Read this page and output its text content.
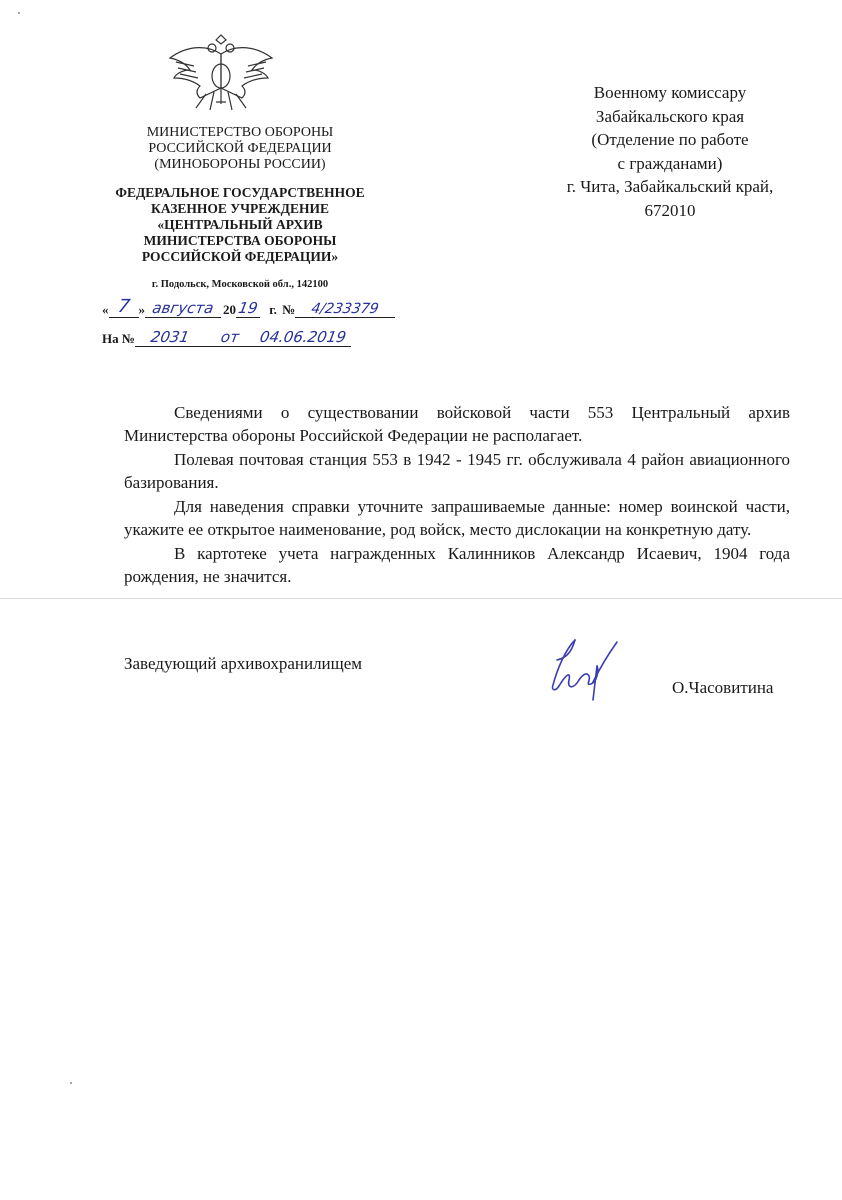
МИНИСТЕРСТВО ОБОРОНЫ
РОССИЙСКОЙ ФЕДЕРАЦИИ
(МИНОБОРОНЫ РОССИИ)
ФЕДЕРАЛЬНОЕ ГОСУДАРСТВЕННОЕ
КАЗЕННОЕ УЧРЕЖДЕНИЕ
«ЦЕНТРАЛЬНЫЙ АРХИВ
МИНИСТЕРСТВА ОБОРОНЫ
РОССИЙСКОЙ ФЕДЕРАЦИИ»
г. Подольск, Московской обл., 142100
« 7 » августа 20 19 г. №	4/233379
На № 2031	от	04.06.2019
Военному комиссару
Забайкальского края
(Отделение по работе
с гражданами)
г. Чита, Забайкальский край,
672010

Сведениями о существовании войсковой части 553 Центральный архив Министерства обороны Российской Федерации не располагает.

Полевая почтовая станция 553 в 1942 - 1945 гг. обслуживала 4 район авиационного базирования.

Для наведения справки уточните запрашиваемые данные: номер воинской части, укажите ее открытое наименование, род войск, место дислокации на конкретную дату.

В картотеке учета награжденных Калинников Александр Исаевич, 1904 года рождения, не значится.

Заведующий архивохранилищем
О.Часовитина
